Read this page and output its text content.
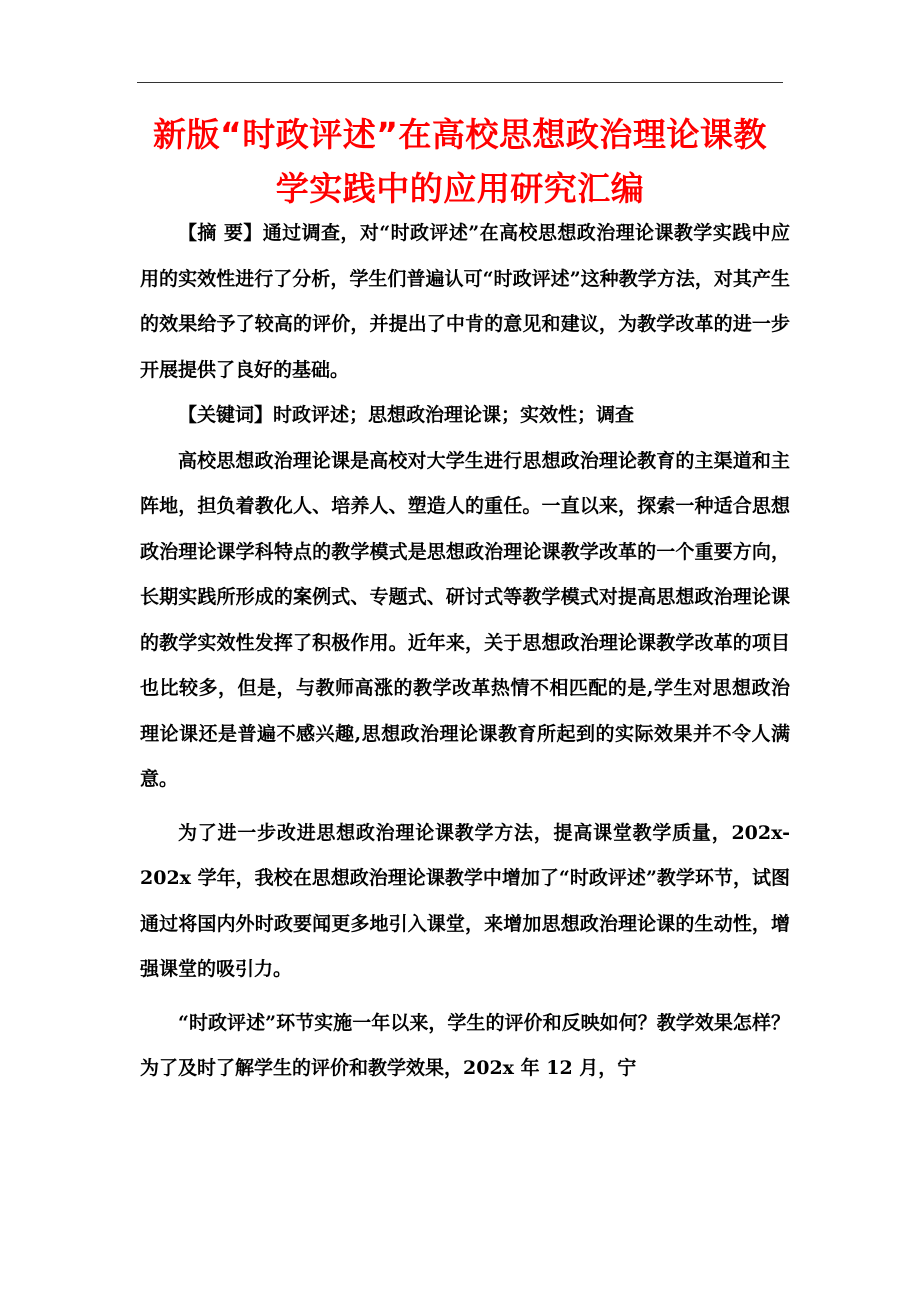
新版“时政评述”在高校思想政治理论课教
学实践中的应用研究汇编

【摘 要】通过调查，对“时政评述”在高校思想政治理论课教学实践中应用的实效性进行了分析，学生们普遍认可“时政评述”这种教学方法，对其产生的效果给予了较高的评价，并提出了中肯的意见和建议，为教学改革的进一步开展提供了良好的基础。

【关键词】时政评述；思想政治理论课；实效性；调查

高校思想政治理论课是高校对大学生进行思想政治理论教育的主渠道和主阵地，担负着教化人、培养人、塑造人的重任。一直以来，探索一种适合思想政治理论课学科特点的教学模式是思想政治理论课教学改革的一个重要方向，长期实践所形成的案例式、专题式、研讨式等教学模式对提高思想政治理论课的教学实效性发挥了积极作用。近年来，关于思想政治理论课教学改革的项目也比较多，但是，与教师高涨的教学改革热情不相匹配的是,学生对思想政治理论课还是普遍不感兴趣,思想政治理论课教育所起到的实际效果并不令人满意。

为了进一步改进思想政治理论课教学方法，提高课堂教学质量，202x-202x 学年，我校在思想政治理论课教学中增加了“时政评述”教学环节，试图通过将国内外时政要闻更多地引入课堂，来增加思想政治理论课的生动性，增强课堂的吸引力。

“时政评述”环节实施一年以来，学生的评价和反映如何？教学效果怎样？为了及时了解学生的评价和教学效果，202x 年 12 月，宁
